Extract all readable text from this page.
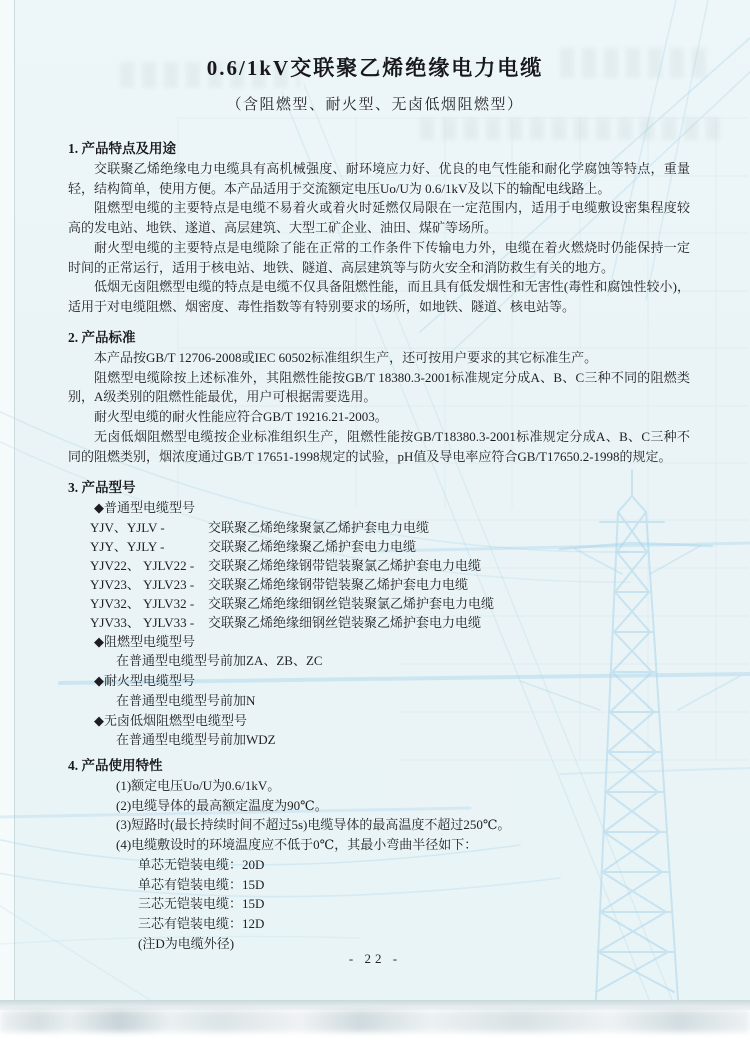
0.6/1kV交联聚乙烯绝缘电力电缆
（含阻燃型、耐火型、无卤低烟阻燃型）
1. 产品特点及用途

交联聚乙烯绝缘电力电缆具有高机械强度、耐环境应力好、优良的电气性能和耐化学腐蚀等特点，重量轻，结构简单，使用方便。本产品适用于交流额定电压Uo/U为 0.6/1kV及以下的输配电线路上。

阻燃型电缆的主要特点是电缆不易着火或着火时延燃仅局限在一定范围内，适用于电缆敷设密集程度较高的发电站、地铁、遂道、高层建筑、大型工矿企业、油田、煤矿等场所。

耐火型电缆的主要特点是电缆除了能在正常的工作条件下传输电力外，电缆在着火燃烧时仍能保持一定时间的正常运行，适用于核电站、地铁、隧道、高层建筑等与防火安全和消防救生有关的地方。

低烟无卤阻燃型电缆的特点是电缆不仅具备阻燃性能，而且具有低发烟性和无害性(毒性和腐蚀性较小)，适用于对电缆阻燃、烟密度、毒性指数等有特别要求的场所，如地铁、隧道、核电站等。

2. 产品标准

本产品按GB/T 12706-2008或IEC 60502标准组织生产，还可按用户要求的其它标准生产。

阻燃型电缆除按上述标准外，其阻燃性能按GB/T 18380.3-2001标准规定分成A、B、C三种不同的阻燃类别，A级类别的阻燃性能最优，用户可根据需要选用。

耐火型电缆的耐火性能应符合GB/T 19216.21-2003。

无卤低烟阻燃型电缆按企业标准组织生产，阻燃性能按GB/T18380.3-2001标准规定分成A、B、C三种不同的阻燃类别，烟浓度通过GB/T 17651-1998规定的试验，pH值及导电率应符合GB/T17650.2-1998的规定。

3. 产品型号

◆普通型电缆型号

YJV、YJLV -	交联聚乙烯绝缘聚氯乙烯护套电力电缆
YJY、YJLY -	交联聚乙烯绝缘聚乙烯护套电力电缆
YJV22、 YJLV22 -	交联聚乙烯绝缘钢带铠装聚氯乙烯护套电力电缆
YJV23、 YJLV23 -	交联聚乙烯绝缘钢带铠装聚乙烯护套电力电缆
YJV32、 YJLV32 -	交联聚乙烯绝缘细钢丝铠装聚氯乙烯护套电力电缆
YJV33、 YJLV33 -	交联聚乙烯绝缘细钢丝铠装聚乙烯护套电力电缆

◆阻燃型电缆型号

在普通型电缆型号前加ZA、ZB、ZC

◆耐火型电缆型号

在普通型电缆型号前加N

◆无卤低烟阻燃型电缆型号

在普通型电缆型号前加WDZ

4. 产品使用特性

(1)额定电压Uo/U为0.6/1kV。

(2)电缆导体的最高额定温度为90℃。

(3)短路时(最长持续时间不超过5s)电缆导体的最高温度不超过250℃。

(4)电缆敷设时的环境温度应不低于0℃，其最小弯曲半径如下：

单芯无铠装电缆：20D

单芯有铠装电缆：15D

三芯无铠装电缆：15D

三芯有铠装电缆：12D

(注D为电缆外径)

- 22 -
